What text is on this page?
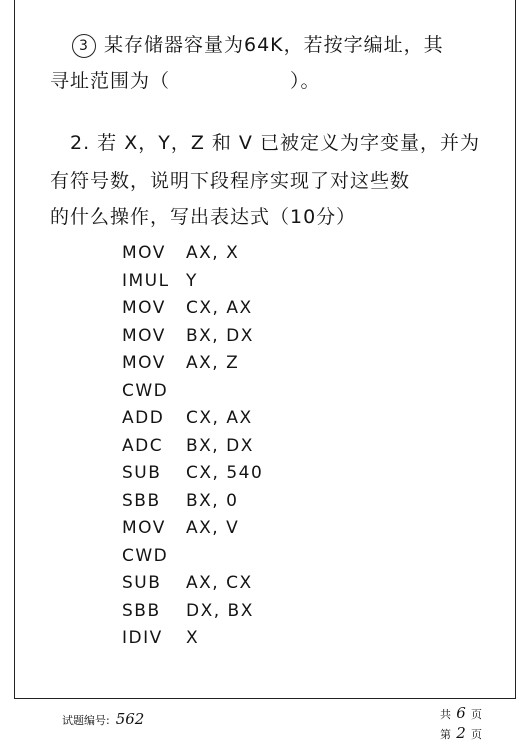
3 某存储器容量为64K，若按字编址，其
寻址范围为（　　　　　　）。
2. 若 X，Y，Z 和 V 已被定义为字变量，并为
有符号数，说明下段程序实现了对这些数
的什么操作，写出表达式（10分）
MOV	AX, X
IMUL Y
MOV	CX, AX
MOV	BX, DX
MOV	AX, Z
CWD
ADD	CX, AX
ADC	BX, DX
SUB	CX, 540
SBB	BX, 0
MOV	AX, V
CWD
SUB	AX, CX
SBB	DX, BX
IDIV	X
试题编号: 562	共 6 页
第 2 页
